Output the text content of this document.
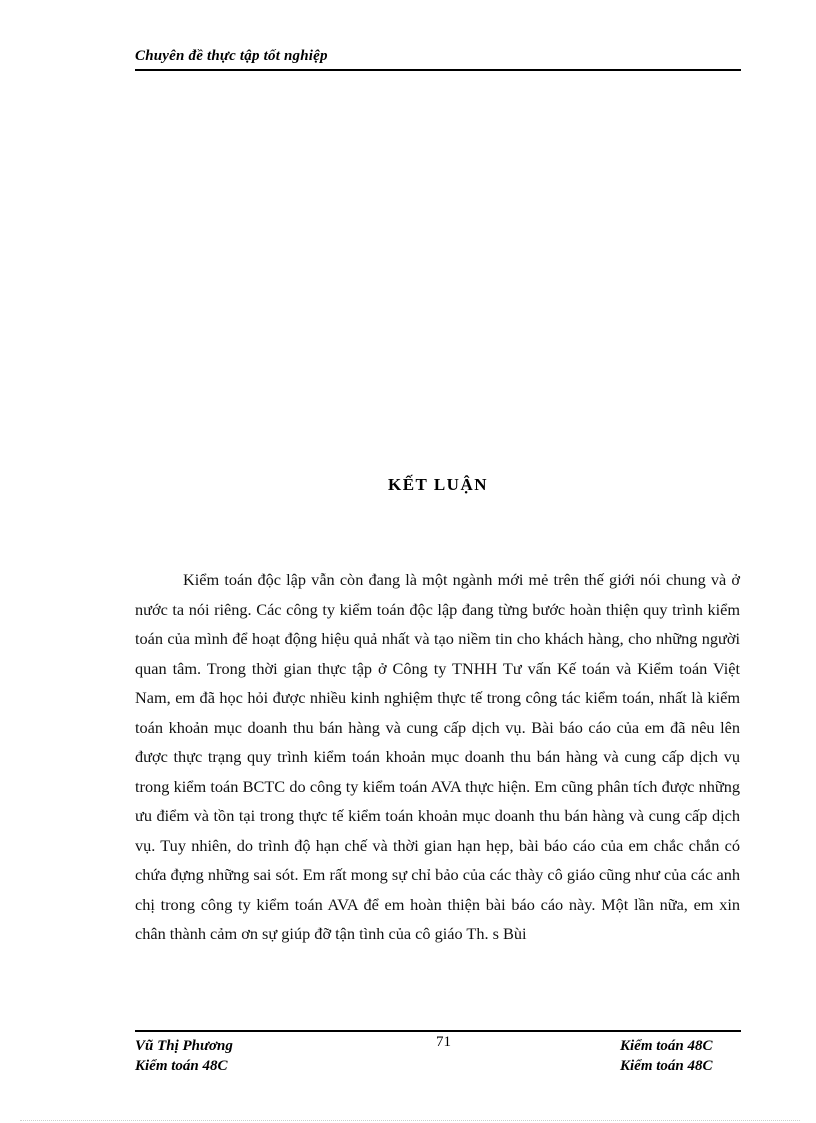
Chuyên đề thực tập tốt nghiệp
KẾT LUẬN

Kiểm toán độc lập vẫn còn đang là một ngành mới mẻ trên thế giới nói chung và ở nước ta nói riêng. Các công ty kiểm toán độc lập đang từng bước hoàn thiện quy trình kiểm toán của mình để hoạt động hiệu quả nhất và tạo niềm tin cho khách hàng, cho những người quan tâm. Trong thời gian thực tập ở Công ty TNHH Tư vấn Kế toán và Kiểm toán Việt Nam, em đã học hỏi được nhiều kinh nghiệm thực tế trong công tác kiểm toán, nhất là kiểm toán khoản mục doanh thu bán hàng và cung cấp dịch vụ. Bài báo cáo của em đã nêu lên được thực trạng quy trình kiểm toán khoản mục doanh thu bán hàng và cung cấp dịch vụ trong kiểm toán BCTC do công ty kiểm toán AVA thực hiện. Em cũng phân tích được những ưu điểm và tồn tại trong thực tế kiểm toán khoản mục doanh thu bán hàng và cung cấp dịch vụ. Tuy nhiên, do trình độ hạn chế và thời gian hạn hẹp, bài báo cáo của em chắc chắn có chứa đựng những sai sót. Em rất mong sự chỉ bảo của các thày cô giáo cũng như của các anh chị trong công ty kiểm toán AVA để em hoàn thiện bài báo cáo này. Một lần nữa, em xin chân thành cảm ơn sự giúp đỡ tận tình của cô giáo Th. s Bùi

Vũ Thị Phương
Kiểm toán 48C
71	Kiểm toán 48C
Kiểm toán 48C
